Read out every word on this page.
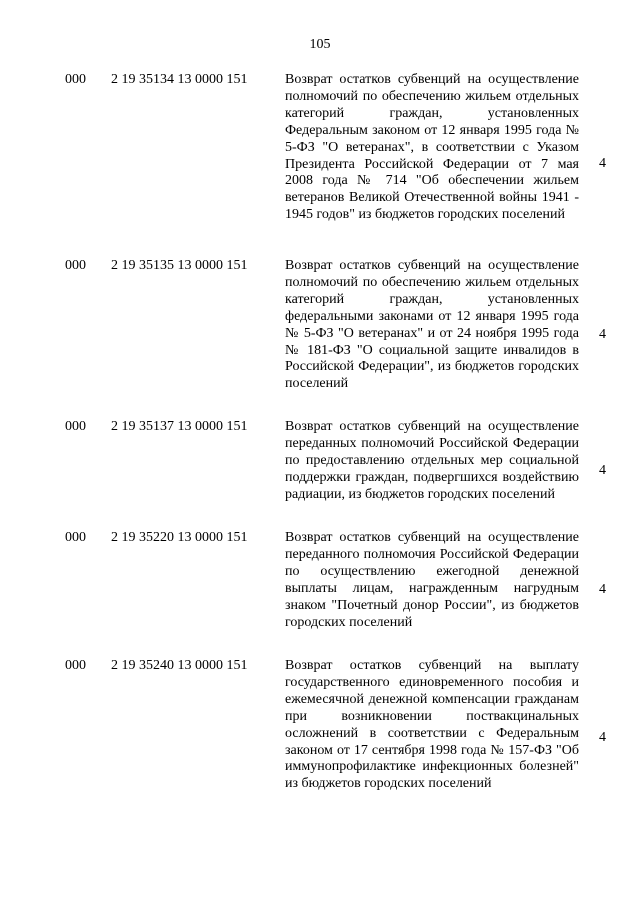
105
000 2 19 35134 13 0000 151	Возврат остатков субвенций на осуществление полномочий по обеспечению жильем отдельных категорий граждан, установленных Федеральным законом от 12 января 1995 года № 5-ФЗ "О ветеранах", в соответствии с Указом Президента Российской Федерации от 7 мая 2008 года № 714 "Об обеспечении жильем ветеранов Великой Отечественной войны 1941 - 1945 годов" из бюджетов городских поселений
4
000 2 19 35135 13 0000 151	Возврат остатков субвенций на осуществление полномочий по обеспечению жильем отдельных категорий граждан, установленных федеральными законами от 12 января 1995 года № 5-ФЗ "О ветеранах" и от 24 ноября 1995 года № 181-ФЗ "О социальной защите инвалидов в Российской Федерации", из бюджетов городских поселений
4
000 2 19 35137 13 0000 151	Возврат остатков субвенций на осуществление переданных полномочий Российской Федерации по предоставлению отдельных мер социальной поддержки граждан, подвергшихся воздействию радиации, из бюджетов городских поселений
4
000 2 19 35220 13 0000 151	Возврат остатков субвенций на осуществление переданного полномочия Российской Федерации по осуществлению ежегодной денежной выплаты лицам, награжденным нагрудным знаком "Почетный донор России", из бюджетов городских поселений
4
000 2 19 35240 13 0000 151	Возврат остатков субвенций на выплату государственного единовременного пособия и ежемесячной денежной компенсации гражданам при возникновении поствакцинальных осложнений в соответствии с Федеральным законом от 17 сентября 1998 года № 157-ФЗ "Об иммунопрофилактике инфекционных болезней" из бюджетов городских поселений
4
